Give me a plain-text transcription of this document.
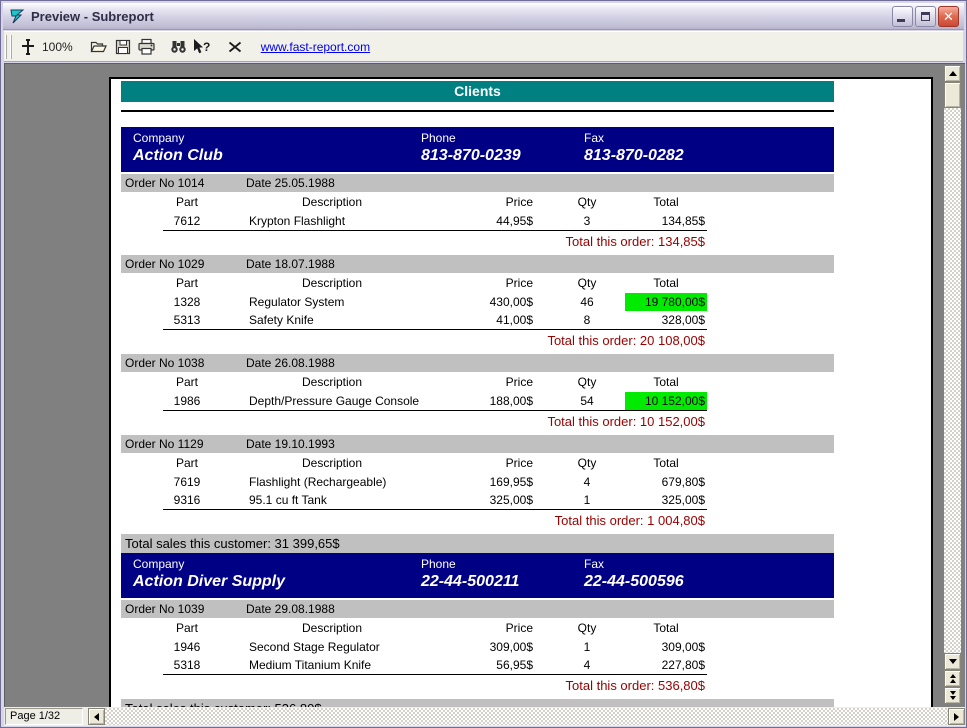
Preview - Subreport	✕
100%	?	www.fast-report.com
Clients
Company	Phone	Fax
Action Club	813-870-0239	813-870-0282
Order No 1014	Date 25.05.1988
Part	Description	Price	Qty	Total
7612	Krypton Flashlight	44,95$	3	134,85$
Total this order: 134,85$
Order No 1029	Date 18.07.1988
Part	Description	Price	Qty	Total
1328	Regulator System	430,00$	46	19 780,00$
5313	Safety Knife	41,00$	8	328,00$
Total this order: 20 108,00$
Order No 1038	Date 26.08.1988
Part	Description	Price	Qty	Total
1986	Depth/Pressure Gauge Console	188,00$	54	10 152,00$
Total this order: 10 152,00$
Order No 1129	Date 19.10.1993
Part	Description	Price	Qty	Total
7619	Flashlight (Rechargeable)	169,95$	4	679,80$
9316	95.1 cu ft Tank	325,00$	1	325,00$
Total this order: 1 004,80$
Total sales this customer: 31 399,65$
Company	Phone	Fax
Action Diver Supply	22-44-500211	22-44-500596
Order No 1039	Date 29.08.1988
Part	Description	Price	Qty	Total
1946	Second Stage Regulator	309,00$	1	309,00$
5318	Medium Titanium Knife	56,95$	4	227,80$
Total this order: 536,80$
Page 1/32
